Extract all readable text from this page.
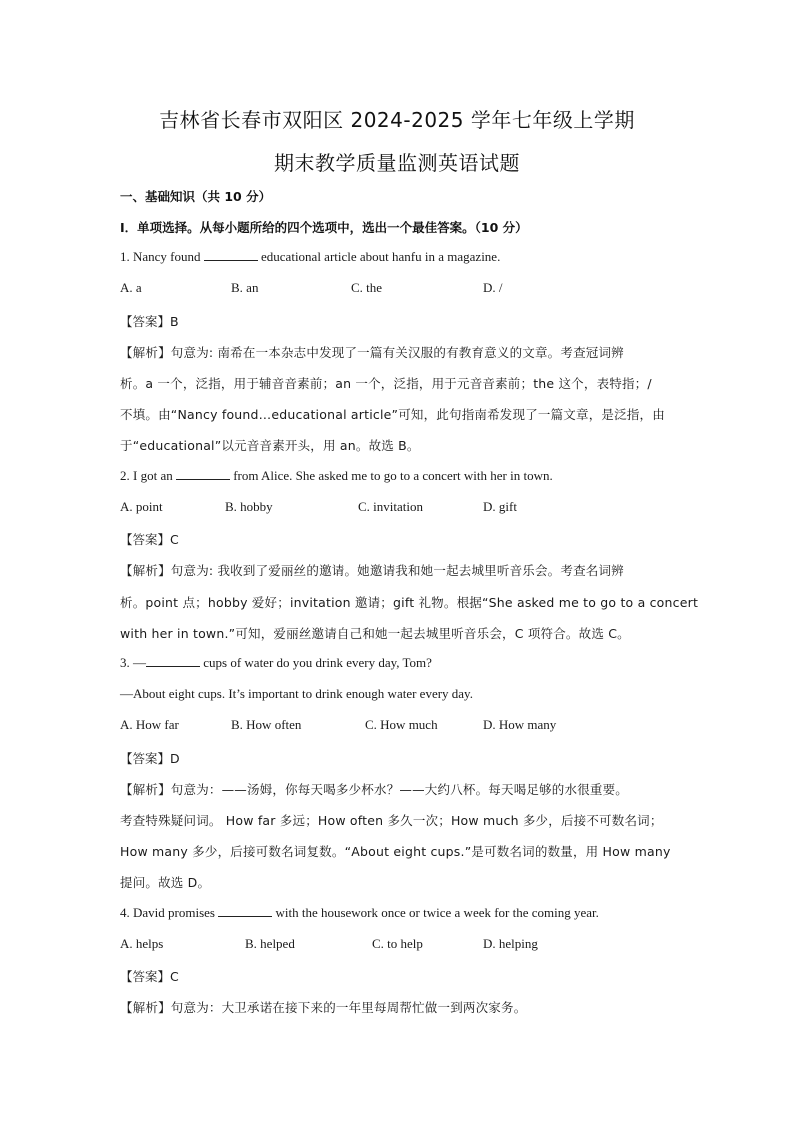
吉林省长春市双阳区 2024-2025 学年七年级上学期
期末教学质量监测英语试题
一、基础知识（共 10 分）
Ⅰ．单项选择。从每小题所给的四个选项中，选出一个最佳答案。（10 分）
1. Nancy found	educational article about hanfu in a magazine.
A. a	B. an	C. the	D. /
【答案】B
【解析】句意为: 南希在一本杂志中发现了一篇有关汉服的有教育意义的文章。考查冠词辨
析。a 一个，泛指，用于辅音音素前；an 一个，泛指，用于元音音素前；the 这个，表特指；/
不填。由“Nancy found…educational article”可知，此句指南希发现了一篇文章，是泛指，由
于“educational”以元音音素开头，用 an。故选 B。
2. I got an	from Alice. She asked me to go to a concert with her in town.
A. point	B. hobby	C. invitation	D. gift
【答案】C
【解析】句意为: 我收到了爱丽丝的邀请。她邀请我和她一起去城里听音乐会。考查名词辨
析。point 点；hobby 爱好；invitation 邀请；gift 礼物。根据“She asked me to go to a concert
with her in town.”可知，爱丽丝邀请自己和她一起去城里听音乐会，C 项符合。故选 C。
3. —	cups of water do you drink every day, Tom?
—About eight cups. It’s important to drink enough water every day.
A. How far	B. How often	C. How much	D. How many
【答案】D
【解析】句意为：——汤姆，你每天喝多少杯水？——大约八杯。每天喝足够的水很重要。
考查特殊疑问词。 How far 多远；How often 多久一次；How much 多少，后接不可数名词；
How many 多少，后接可数名词复数。“About eight cups.”是可数名词的数量，用 How many
提问。故选 D。
4. David promises	with the housework once or twice a week for the coming year.
A. helps	B. helped	C. to help	D. helping
【答案】C
【解析】句意为：大卫承诺在接下来的一年里每周帮忙做一到两次家务。
